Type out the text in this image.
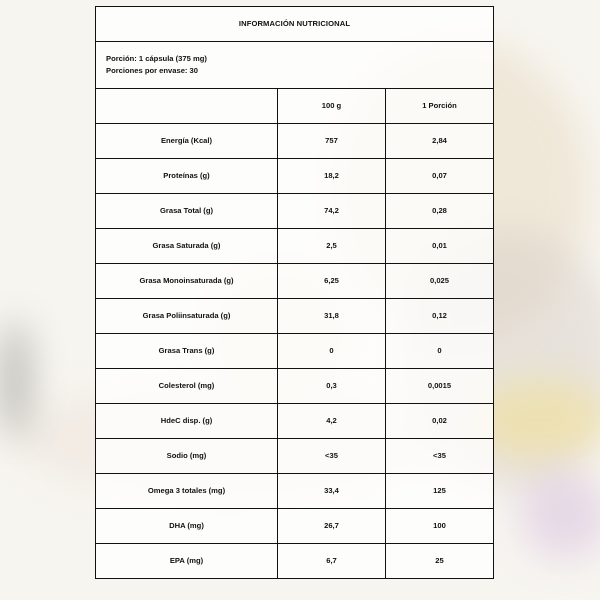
INFORMACIÓN NUTRICIONAL		

Porción: 1 cápsula (375 mg)
Porciones por envase: 30		

	100 g	1 Porción
Energía (Kcal)	757	2,84
Proteínas (g)	18,2	0,07
Grasa Total (g)	74,2	0,28
Grasa Saturada (g)	2,5	0,01
Grasa Monoinsaturada (g)	6,25	0,025
Grasa Poliinsaturada (g)	31,8	0,12
Grasa Trans (g)	0	0
Colesterol (mg)	0,3	0,0015
HdeC disp. (g)	4,2	0,02
Sodio (mg)	<35	<35
Omega 3 totales (mg)	33,4	125
DHA (mg)	26,7	100
EPA (mg)	6,7	25
